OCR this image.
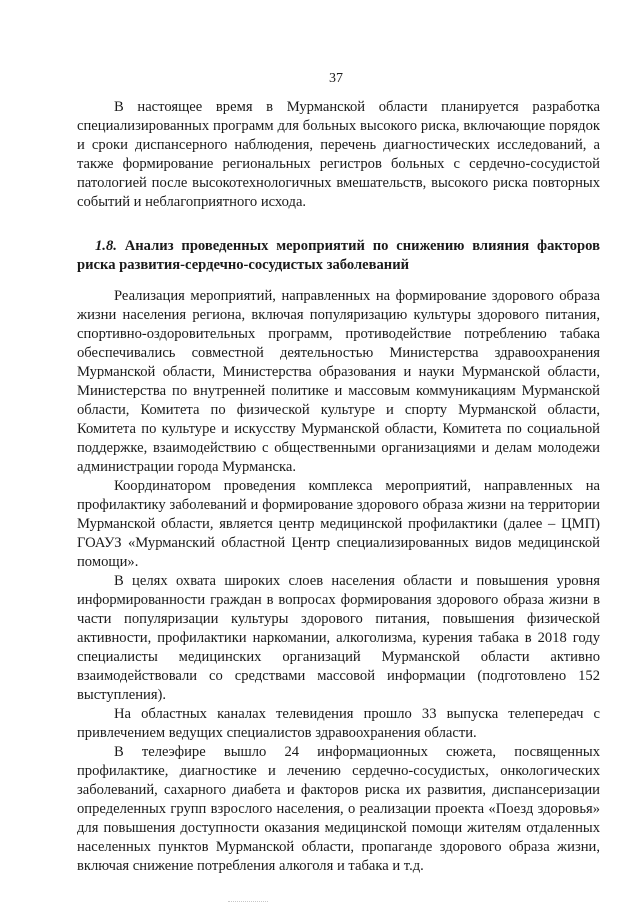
37

В настоящее время в Мурманской области планируется разработка специализированных программ для больных высокого риска, включающие порядок и сроки диспансерного наблюдения, перечень диагностических исследований, а также формирование региональных регистров больных с сердечно-сосудистой патологией после высокотехнологичных вмешательств, высокого риска повторных событий и неблагоприятного исхода.

1.8. Анализ проведенных мероприятий по снижению влияния факторов риска развития-сердечно-сосудистых заболеваний

Реализация мероприятий, направленных на формирование здорового образа жизни населения региона, включая популяризацию культуры здорового питания, спортивно-оздоровительных программ, противодействие потреблению табака обеспечивались совместной деятельностью Министерства здравоохранения Мурманской области, Министерства образования и науки Мурманской области, Министерства по внутренней политике и массовым коммуникациям Мурманской области, Комитета по физической культуре и спорту Мурманской области, Комитета по культуре и искусству Мурманской области, Комитета по социальной поддержке, взаимодействию с общественными организациями и делам молодежи администрации города Мурманска.

Координатором проведения комплекса мероприятий, направленных на профилактику заболеваний и формирование здорового образа жизни на территории Мурманской области, является центр медицинской профилактики (далее – ЦМП) ГОАУЗ «Мурманский областной Центр специализированных видов медицинской помощи».

В целях охвата широких слоев населения области и повышения уровня информированности граждан в вопросах формирования здорового образа жизни в части популяризации культуры здорового питания, повышения физической активности, профилактики наркомании, алкоголизма, курения табака в 2018 году специалисты медицинских организаций Мурманской области активно взаимодействовали со средствами массовой информации (подготовлено 152 выступления).

На областных каналах телевидения прошло 33 выпуска телепередач с привлечением ведущих специалистов здравоохранения области.

В телеэфире вышло 24 информационных сюжета, посвященных профилактике, диагностике и лечению сердечно-сосудистых, онкологических заболеваний, сахарного диабета и факторов риска их развития, диспансеризации определенных групп взрослого населения, о реализации проекта «Поезд здоровья» для повышения доступности оказания медицинской помощи жителям отдаленных населенных пунктов Мурманской области, пропаганде здорового образа жизни, включая снижение потребления алкоголя и табака и т.д.
